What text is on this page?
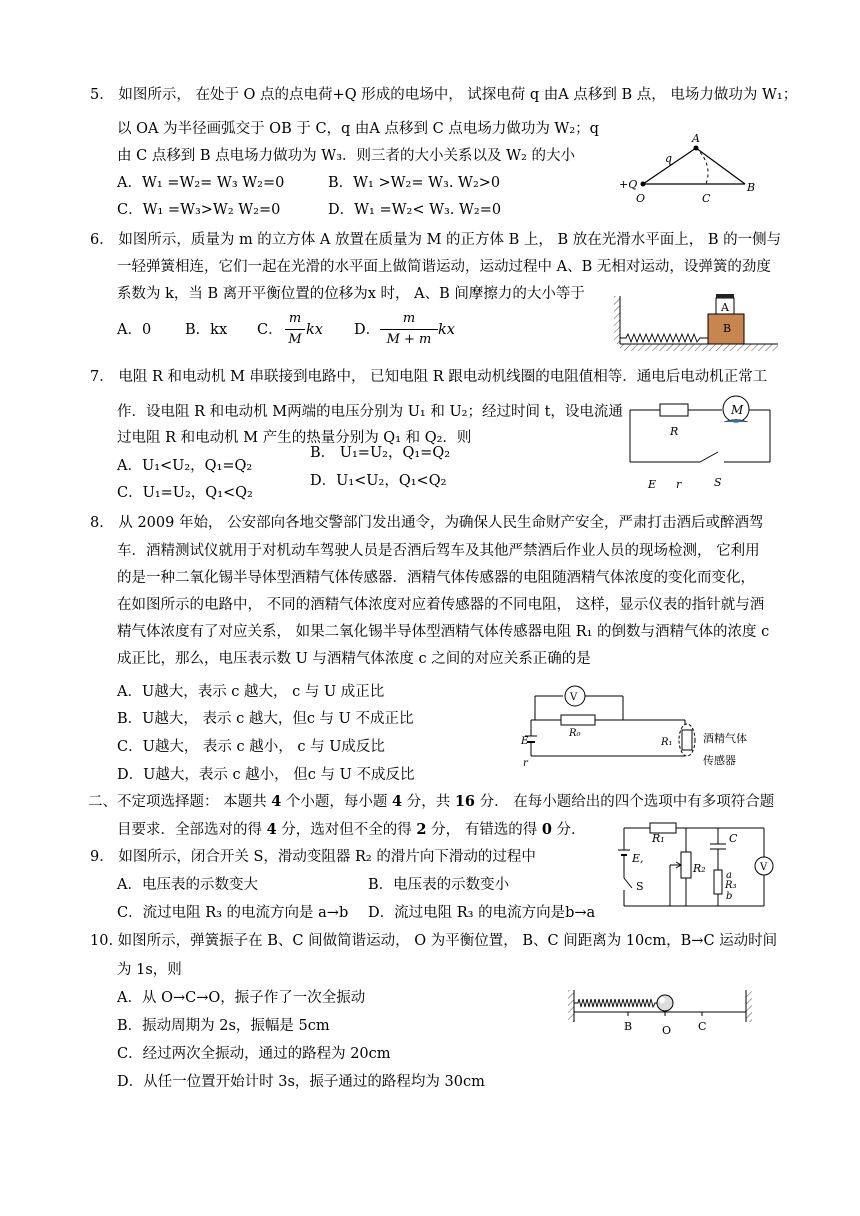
5． 如图所示， 在处于 O 点的点电荷+Q 形成的电场中， 试探电荷 q 由A 点移到 B 点， 电场力做功为 W₁；
以 OA 为半径画弧交于 OB 于 C，q 由A 点移到 C 点电场力做功为 W₂；q
由 C 点移到 B 点电场力做功为 W₃．则三者的大小关系以及 W₂ 的大小
A．W₁ =W₂= W₃ W₂=0	B．W₁ >W₂= W₃. W₂>0
C．W₁ =W₃>W₂ W₂=0	D．W₁ =W₂< W₃. W₂=0
A
q
+Q
O	C
B
6． 如图所示，质量为 m 的立方体 A 放置在质量为 M 的正方体 B 上， B 放在光滑水平面上， B 的一侧与
一轻弹簧相连，它们一起在光滑的水平面上做简谐运动，运动过程中 A、B 无相对运动，设弹簧的劲度
系数为 k，当 B 离开平衡位置的位移为x 时， A、B 间摩擦力的大小等于
A．0 B．kx C．
m
M
kx D．
m
M + m
kx
A
B
7． 电阻 R 和电动机 M 串联接到电路中， 已知电阻 R 跟电动机线圈的电阻值相等．通电后电动机正常工
作．设电阻 R 和电动机 M两端的电压分别为 U₁ 和 U₂；经过时间 t，设电流通
过电阻 R 和电动机 M 产生的热量分别为 Q₁ 和 Q₂．则
A．U₁<U₂，Q₁=Q₂
B． U₁=U₂，Q₁=Q₂
C．U₁=U₂，Q₁<Q₂
D．U₁<U₂，Q₁<Q₂
M
R
E r	S
8． 从 2009 年始， 公安部向各地交警部门发出通令，为确保人民生命财产安全，严肃打击酒后或醉酒驾
车．酒精测试仪就用于对机动车驾驶人员是否酒后驾车及其他严禁酒后作业人员的现场检测， 它利用
的是一种二氧化锡半导体型酒精气体传感器．酒精气体传感器的电阻随酒精气体浓度的变化而变化，
在如图所示的电路中， 不同的酒精气体浓度对应着传感器的不同电阻， 这样，显示仪表的指针就与酒
精气体浓度有了对应关系， 如果二氧化锡半导体型酒精气体传感器电阻 R₁ 的倒数与酒精气体的浓度 c
成正比，那么，电压表示数 U 与酒精气体浓度 c 之间的对应关系正确的是
A．U越大，表示 c 越大， c 与 U 成正比
B．U越大， 表示 c 越大，但c 与 U 不成正比
C．U越大， 表示 c 越小， c 与 U成反比
D．U越大，表示 c 越小， 但c 与 U 不成反比
V
R₀
E
r
R₁	酒精气体
传感器
二、不定项选择题： 本题共 4 个小题，每小题 4 分，共 16 分． 在每小题给出的四个选项中有多项符合题
目要求．全部选对的得 4 分，选对但不全的得 2 分， 有错选的得 0 分．
9． 如图所示，闭合开关 S，滑动变阻器 R₂ 的滑片向下滑动的过程中
A．电压表的示数变大	B．电压表的示数变小
C．流过电阻 R₃ 的电流方向是 a→b D．流过电阻 R₃ 的电流方向是b→a
R₁
E,
S
R₂
C
a
R₃
b
V
10. 如图所示，弹簧振子在 B、C 间做简谐运动， O 为平衡位置， B、C 间距离为 10cm，B→C 运动时间
为 1s，则
A．从 O→C→O，振子作了一次全振动
B．振动周期为 2s，振幅是 5cm
C．经过两次全振动，通过的路程为 20cm
D．从任一位置开始计时 3s，振子通过的路程均为 30cm
B	O C
